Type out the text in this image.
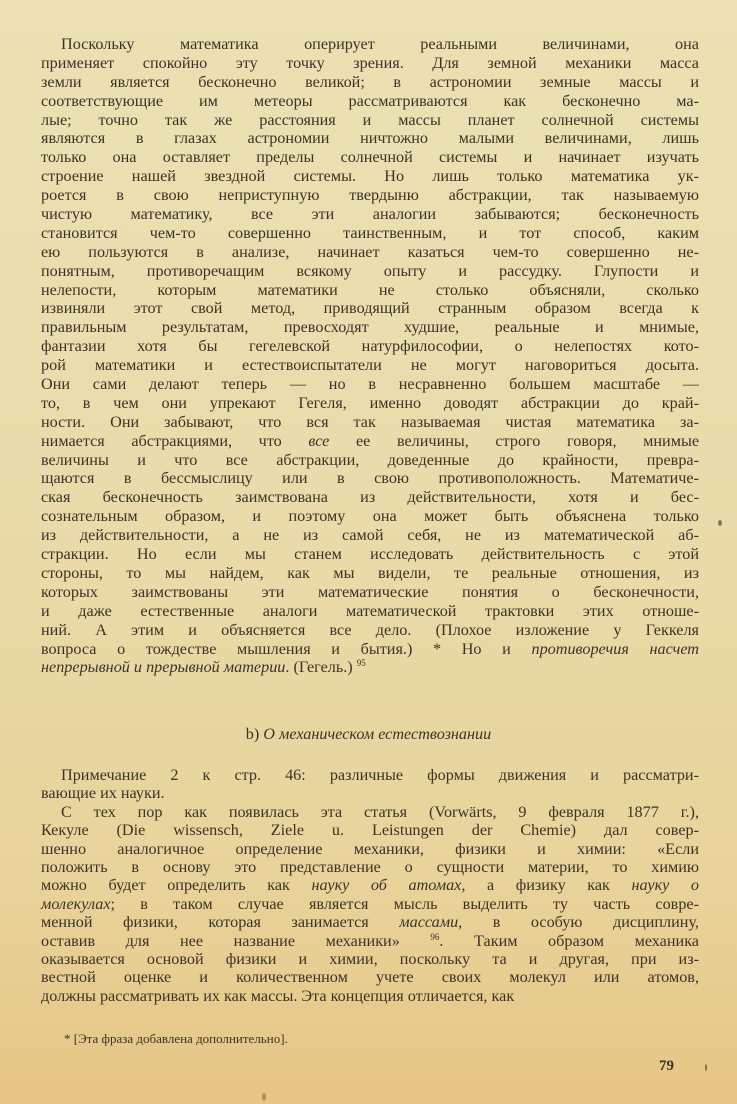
Поскольку математика оперирует реальными величинами, она
применяет спокойно эту точку зрения. Для земной механики масса
земли является бесконечно великой; в астрономии земные массы и
соответствующие им метеоры рассматриваются как бесконечно ма-
лые; точно так же расстояния и массы планет солнечной системы
являются в глазах астрономии ничтожно малыми величинами, лишь
только она оставляет пределы солнечной системы и начинает изучать
строение нашей звездной системы. Но лишь только математика ук-
роется в свою неприступную твердыню абстракции, так называемую
чистую математику, все эти аналогии забываются; бесконечность
становится чем-то совершенно таинственным, и тот способ, каким
ею пользуются в анализе, начинает казаться чем-то совершенно не-
понятным, противоречащим всякому опыту и рассудку. Глупости и
нелепости, которым математики не столько объясняли, сколько
извиняли этот свой метод, приводящий странным образом всегда к
правильным результатам, превосходят худшие, реальные и мнимые,
фантазии хотя бы гегелевской натурфилософии, о нелепостях кото-
рой математики и естествоиспытатели не могут наговориться досыта.
Они сами делают теперь — но в несравненно большем масштабе —
то, в чем они упрекают Гегеля, именно доводят абстракции до край-
ности. Они забывают, что вся так называемая чистая математика за-
нимается абстракциями, что все ее величины, строго говоря, мнимые
величины и что все абстракции, доведенные до крайности, превра-
щаются в бессмыслицу или в свою противоположность. Математиче-
ская бесконечность заимствована из действительности, хотя и бес-
сознательным образом, и поэтому она может быть объяснена только
из действительности, а не из самой себя, не из математической аб-
стракции. Но если мы станем исследовать действительность с этой
стороны, то мы найдем, как мы видели, те реальные отношения, из
которых заимствованы эти математические понятия о бесконечности,
и даже естественные аналоги математической трактовки этих отноше-
ний. А этим и объясняется все дело. (Плохое изложение у Геккеля
вопроса о тождестве мышления и бытия.) * Но и противоречия насчет
непрерывной и прерывной материи. (Гегель.) $^{95}$
b) О механическом естествознании
Примечание 2 к стр. 46: различные формы движения и рассматри-
вающие их науки.
С тех пор как появилась эта статья (Vorwärts, 9 февраля 1877 г.),
Кекуле (Die wissensch, Ziele u. Leistungen der Chemie) дал совер-
шенно аналогичное определение механики, физики и химии: «Если
положить в основу это представление о сущности материи, то химию
можно будет определить как науку об атомах, а физику как науку о
молекулах; в таком случае является мысль выделить ту часть совре-
менной физики, которая занимается массами, в особую дисциплину,
оставив для нее название механики» $^{96}$. Таким образом механика
оказывается основой физики и химии, поскольку та и другая, при из-
вестной оценке и количественном учете своих молекул или атомов,
должны рассматривать их как массы. Эта концепция отличается, как
* [Эта фраза добавлена дополнительно].
79
